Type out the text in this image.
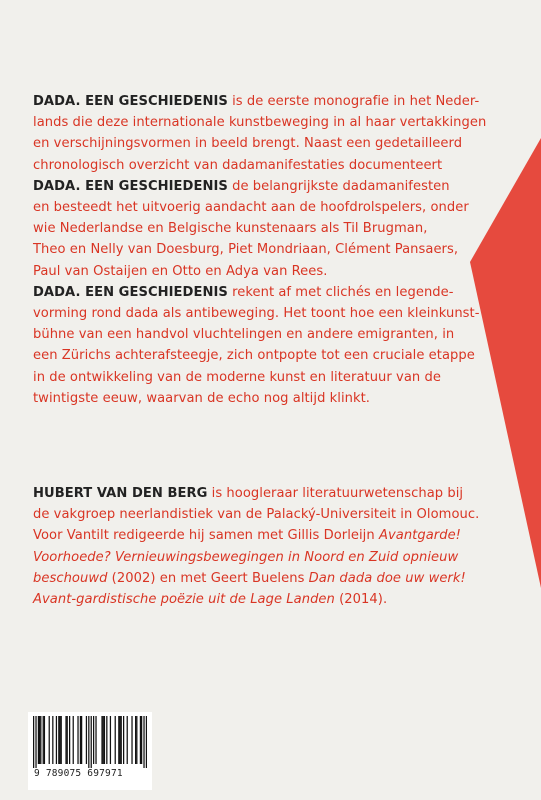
DADA. EEN GESCHIEDENIS is de eerste monografie in het Neder-
lands die deze internationale kunstbeweging in al haar vertakkingen
en verschijningsvormen in beeld brengt. Naast een gedetailleerd
chronologisch overzicht van dadamanifestaties documenteert
DADA. EEN GESCHIEDENIS de belangrijkste dadamanifesten
en besteedt het uitvoerig aandacht aan de hoofdrolspelers, onder
wie Nederlandse en Belgische kunstenaars als Til Brugman,
Theo en Nelly van Doesburg, Piet Mondriaan, Clément Pansaers,
Paul van Ostaijen en Otto en Adya van Rees.
DADA. EEN GESCHIEDENIS rekent af met clichés en legende-
vorming rond dada als antibeweging. Het toont hoe een kleinkunst-
bühne van een handvol vluchtelingen en andere emigranten, in
een Zürichs achterafsteegje, zich ontpopte tot een cruciale etappe
in de ontwikkeling van de moderne kunst en literatuur van de
twintigste eeuw, waarvan de echo nog altijd klinkt.
HUBERT VAN DEN BERG is hoogleraar literatuurwetenschap bij
de vakgroep neerlandistiek van de Palacký-Universiteit in Olomouc.
Voor Vantilt redigeerde hij samen met Gillis Dorleijn Avantgarde!
Voorhoede? Vernieuwingsbewegingen in Noord en Zuid opnieuw
beschouwd (2002) en met Geert Buelens Dan dada doe uw werk!
Avant-gardistische poëzie uit de Lage Landen (2014).
9 789075 697971
